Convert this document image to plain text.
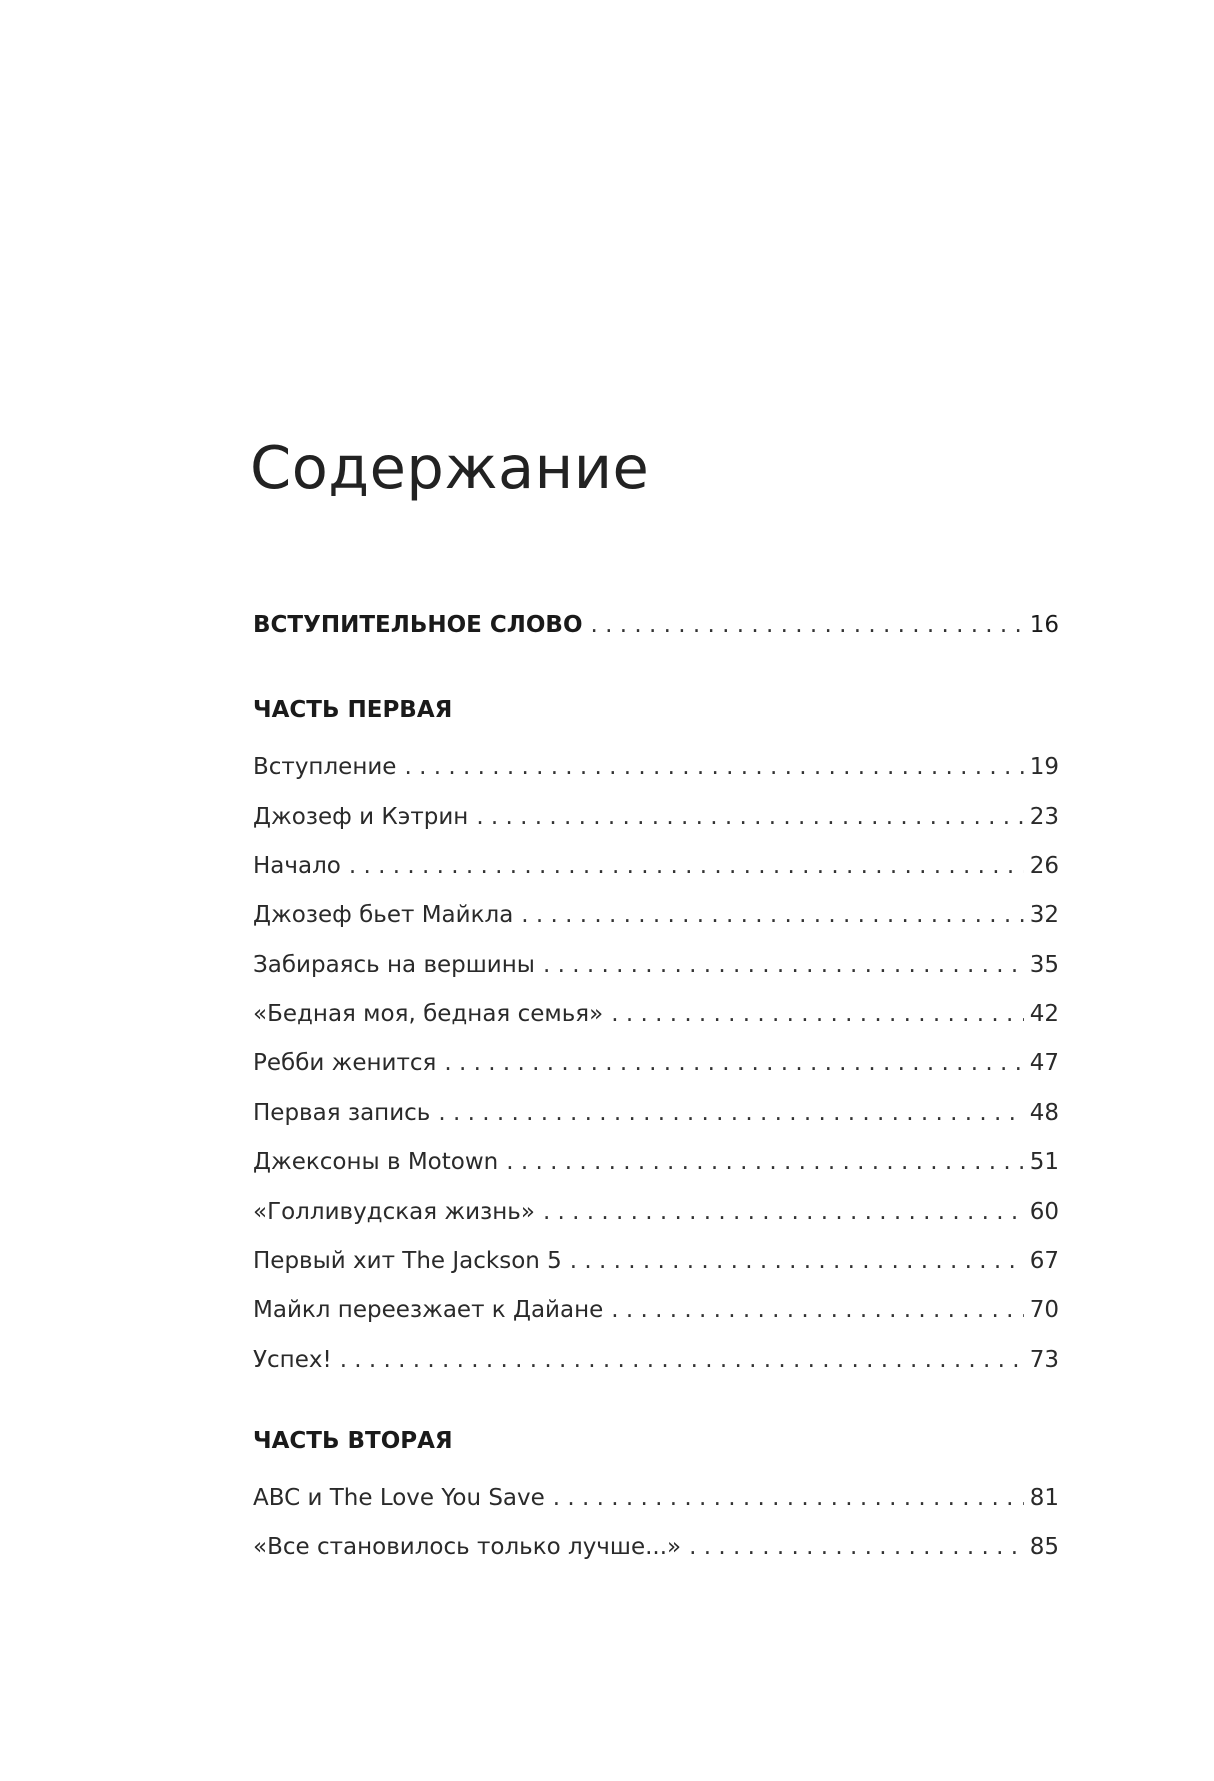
Содержание
ВСТУПИТЕЛЬНОЕ СЛОВО . . .	16
ЧАСТЬ ПЕРВАЯ
Вступление . . .	19
Джозеф и Кэтрин . . .	23
Начало . . .	26
Джозеф бьет Майкла . . .	32
Забираясь на вершины . . .	35
«Бедная моя, бедная семья» . . .	42
Ребби женится . . .	47
Первая запись . . .	48
Джексоны в Motown . . .	51
«Голливудская жизнь» . . .	60
Первый хит The Jackson 5 . . .	67
Майкл переезжает к Дайане . . .	70
Успех! . . .	73
ЧАСТЬ ВТОРАЯ
ABC и The Love You Save . . .	81
«Все становилось только лучше...» . . .	85
